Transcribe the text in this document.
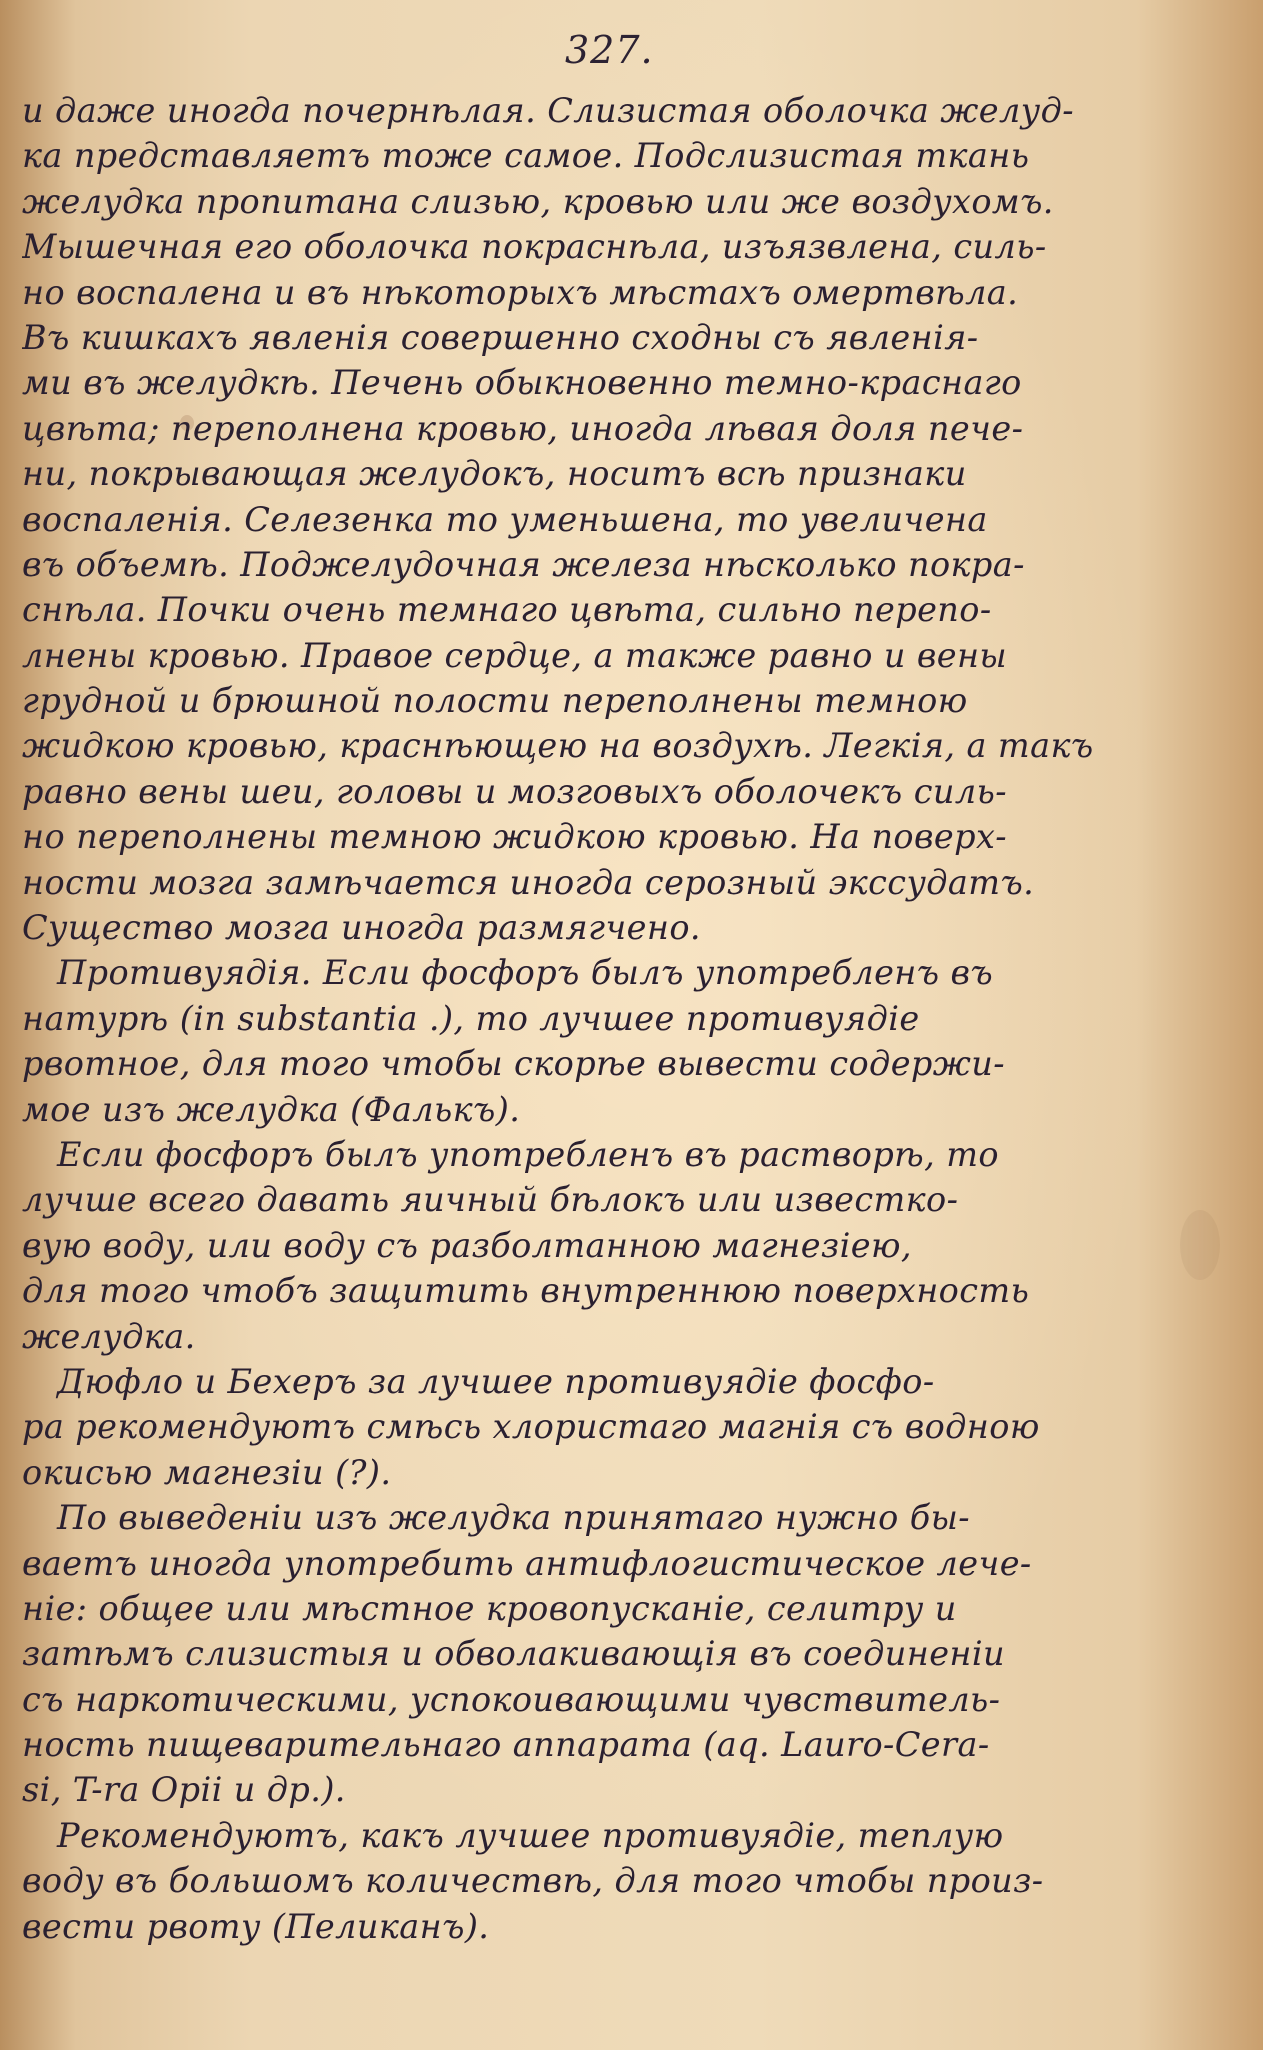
327.
и даже иногда почернѣлая. Слизистая оболочка желуд-
ка представляетъ тоже самое. Подслизистая ткань
желудка пропитана слизью, кровью или же воздухомъ.
Мышечная его оболочка покраснѣла, изъязвлена, силь-
но воспалена и въ нѣкоторыхъ мѣстахъ омертвѣла.
Въ кишкахъ явленія совершенно сходны съ явленія-
ми въ желудкѣ. Печень обыкновенно темно-краснаго
цвѣта; переполнена кровью, иногда лѣвая доля пече-
ни, покрывающая желудокъ, носитъ всѣ признаки
воспаленія. Селезенка то уменьшена, то увеличена
въ объемѣ. Поджелудочная железа нѣсколько покра-
снѣла. Почки очень темнаго цвѣта, сильно перепо-
лнены кровью. Правое сердце, а также равно и вены
грудной и брюшной полости переполнены темною
жидкою кровью, краснѣющею на воздухѣ. Легкія, а такъ
равно вены шеи, головы и мозговыхъ оболочекъ силь-
но переполнены темною жидкою кровью. На поверх-
ности мозга замѣчается иногда серозный экссудатъ.
Существо мозга иногда размягчено.
Противуядія. Если фосфоръ былъ употребленъ въ
натурѣ (in substantia .), то лучшее противуядіе
рвотное, для того чтобы скорѣе вывести содержи-
мое изъ желудка (Фалькъ).
Если фосфоръ былъ употребленъ въ растворѣ, то
лучше всего давать яичный бѣлокъ или известко-
вую воду, или воду съ разболтанною магнезіею,
для того чтобъ защитить внутреннюю поверхность
желудка.
Дюфло и Бехеръ за лучшее противуядіе фосфо-
ра рекомендуютъ смѣсь хлористаго магнія съ водною
окисью магнезіи (?).
По выведеніи изъ желудка принятаго нужно бы-
ваетъ иногда употребить антифлогистическое лече-
ніе: общее или мѣстное кровопусканіе, селитру и
затѣмъ слизистыя и обволакивающія въ соединеніи
съ наркотическими, успокоивающими чувствитель-
ность пищеварительнаго аппарата (aq. Lauro-Cera-
si, T-ra Opii и др.).
Рекомендуютъ, какъ лучшее противуядіе, теплую
воду въ большомъ количествѣ, для того чтобы произ-
вести рвоту (Пеликанъ).
